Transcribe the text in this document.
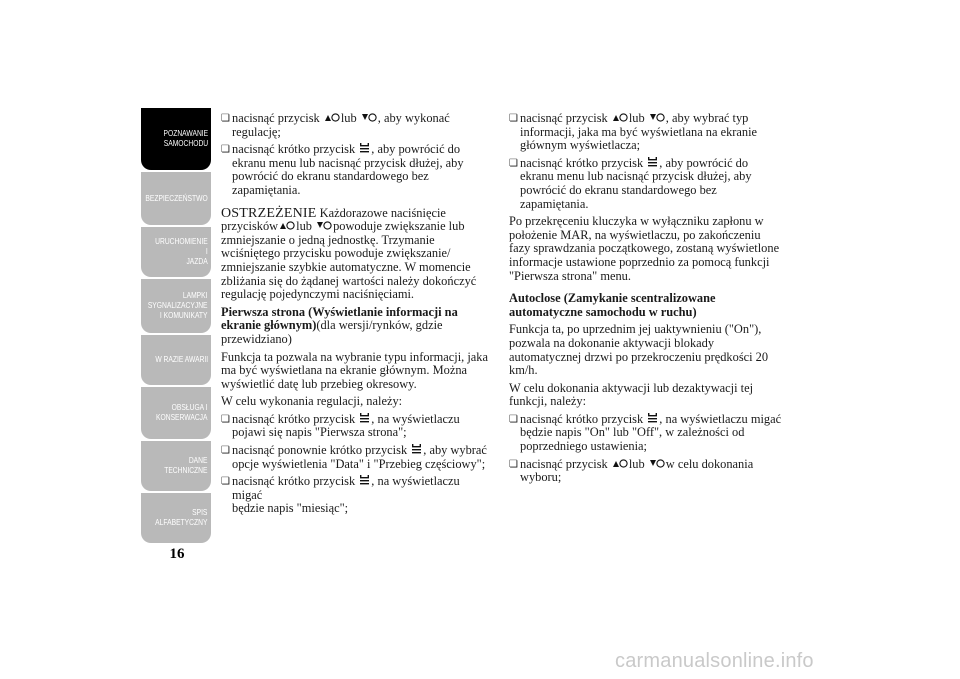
POZNAWANIE
SAMOCHODU
BEZPIECZEŃSTWO
URUCHOMIENIE I
JAZDA
LAMPKI
SYGNALIZACYJNE
I KOMUNIKATY
W RAZIE AWARII
OBSŁUGA I
KONSERWACJA
DANE
TECHNICZNE
SPIS
ALFABETYCZNY
16
❏ nacisnąć przycisk lub , aby wykonać
regulację;
❏ nacisnąć krótko przycisk , aby powrócić do
ekranu menu lub nacisnąć przycisk dłużej, aby
powrócić do ekranu standardowego bez
zapamiętania.
OSTRZEŻENIE Każdorazowe naciśnięcie
przycisków lub powoduje zwiększanie lub
zmniejszanie o jedną jednostkę. Trzymanie
wciśniętego przycisku powoduje zwiększanie/
zmniejszanie szybkie automatyczne. W momencie
zbliżania się do żądanej wartości należy dokończyć
regulację pojedynczymi naciśnięciami.
Pierwsza strona (Wyświetlanie informacji na
ekranie głównym)(dla wersji/rynków, gdzie
przewidziano)
Funkcja ta pozwala na wybranie typu informacji, jaka
ma być wyświetlana na ekranie głównym. Można
wyświetlić datę lub przebieg okresowy.
W celu wykonania regulacji, należy:
❏ nacisnąć krótko przycisk , na wyświetlaczu
pojawi się napis "Pierwsza strona";
❏ nacisnąć ponownie krótko przycisk , aby wybrać
opcje wyświetlenia "Data" i "Przebieg częściowy";
❏ nacisnąć krótko przycisk , na wyświetlaczu migać
będzie napis "miesiąc";
❏ nacisnąć przycisk lub , aby wybrać typ
informacji, jaka ma być wyświetlana na ekranie
głównym wyświetlacza;
❏ nacisnąć krótko przycisk , aby powrócić do
ekranu menu lub nacisnąć przycisk dłużej, aby
powrócić do ekranu standardowego bez
zapamiętania.
Po przekręceniu kluczyka w wyłączniku zapłonu w
położenie MAR, na wyświetlaczu, po zakończeniu
fazy sprawdzania początkowego, zostaną wyświetlone
informacje ustawione poprzednio za pomocą funkcji
"Pierwsza strona" menu.
Autoclose (Zamykanie scentralizowane
automatyczne samochodu w ruchu)
Funkcja ta, po uprzednim jej uaktywnieniu ("On"),
pozwala na dokonanie aktywacji blokady
automatycznej drzwi po przekroczeniu prędkości 20
km/h.
W celu dokonania aktywacji lub dezaktywacji tej
funkcji, należy:
❏ nacisnąć krótko przycisk , na wyświetlaczu migać
będzie napis "On" lub "Off", w zależności od
poprzedniego ustawienia;
❏ nacisnąć przycisk lub w celu dokonania
wyboru;
carmanualsonline.info
